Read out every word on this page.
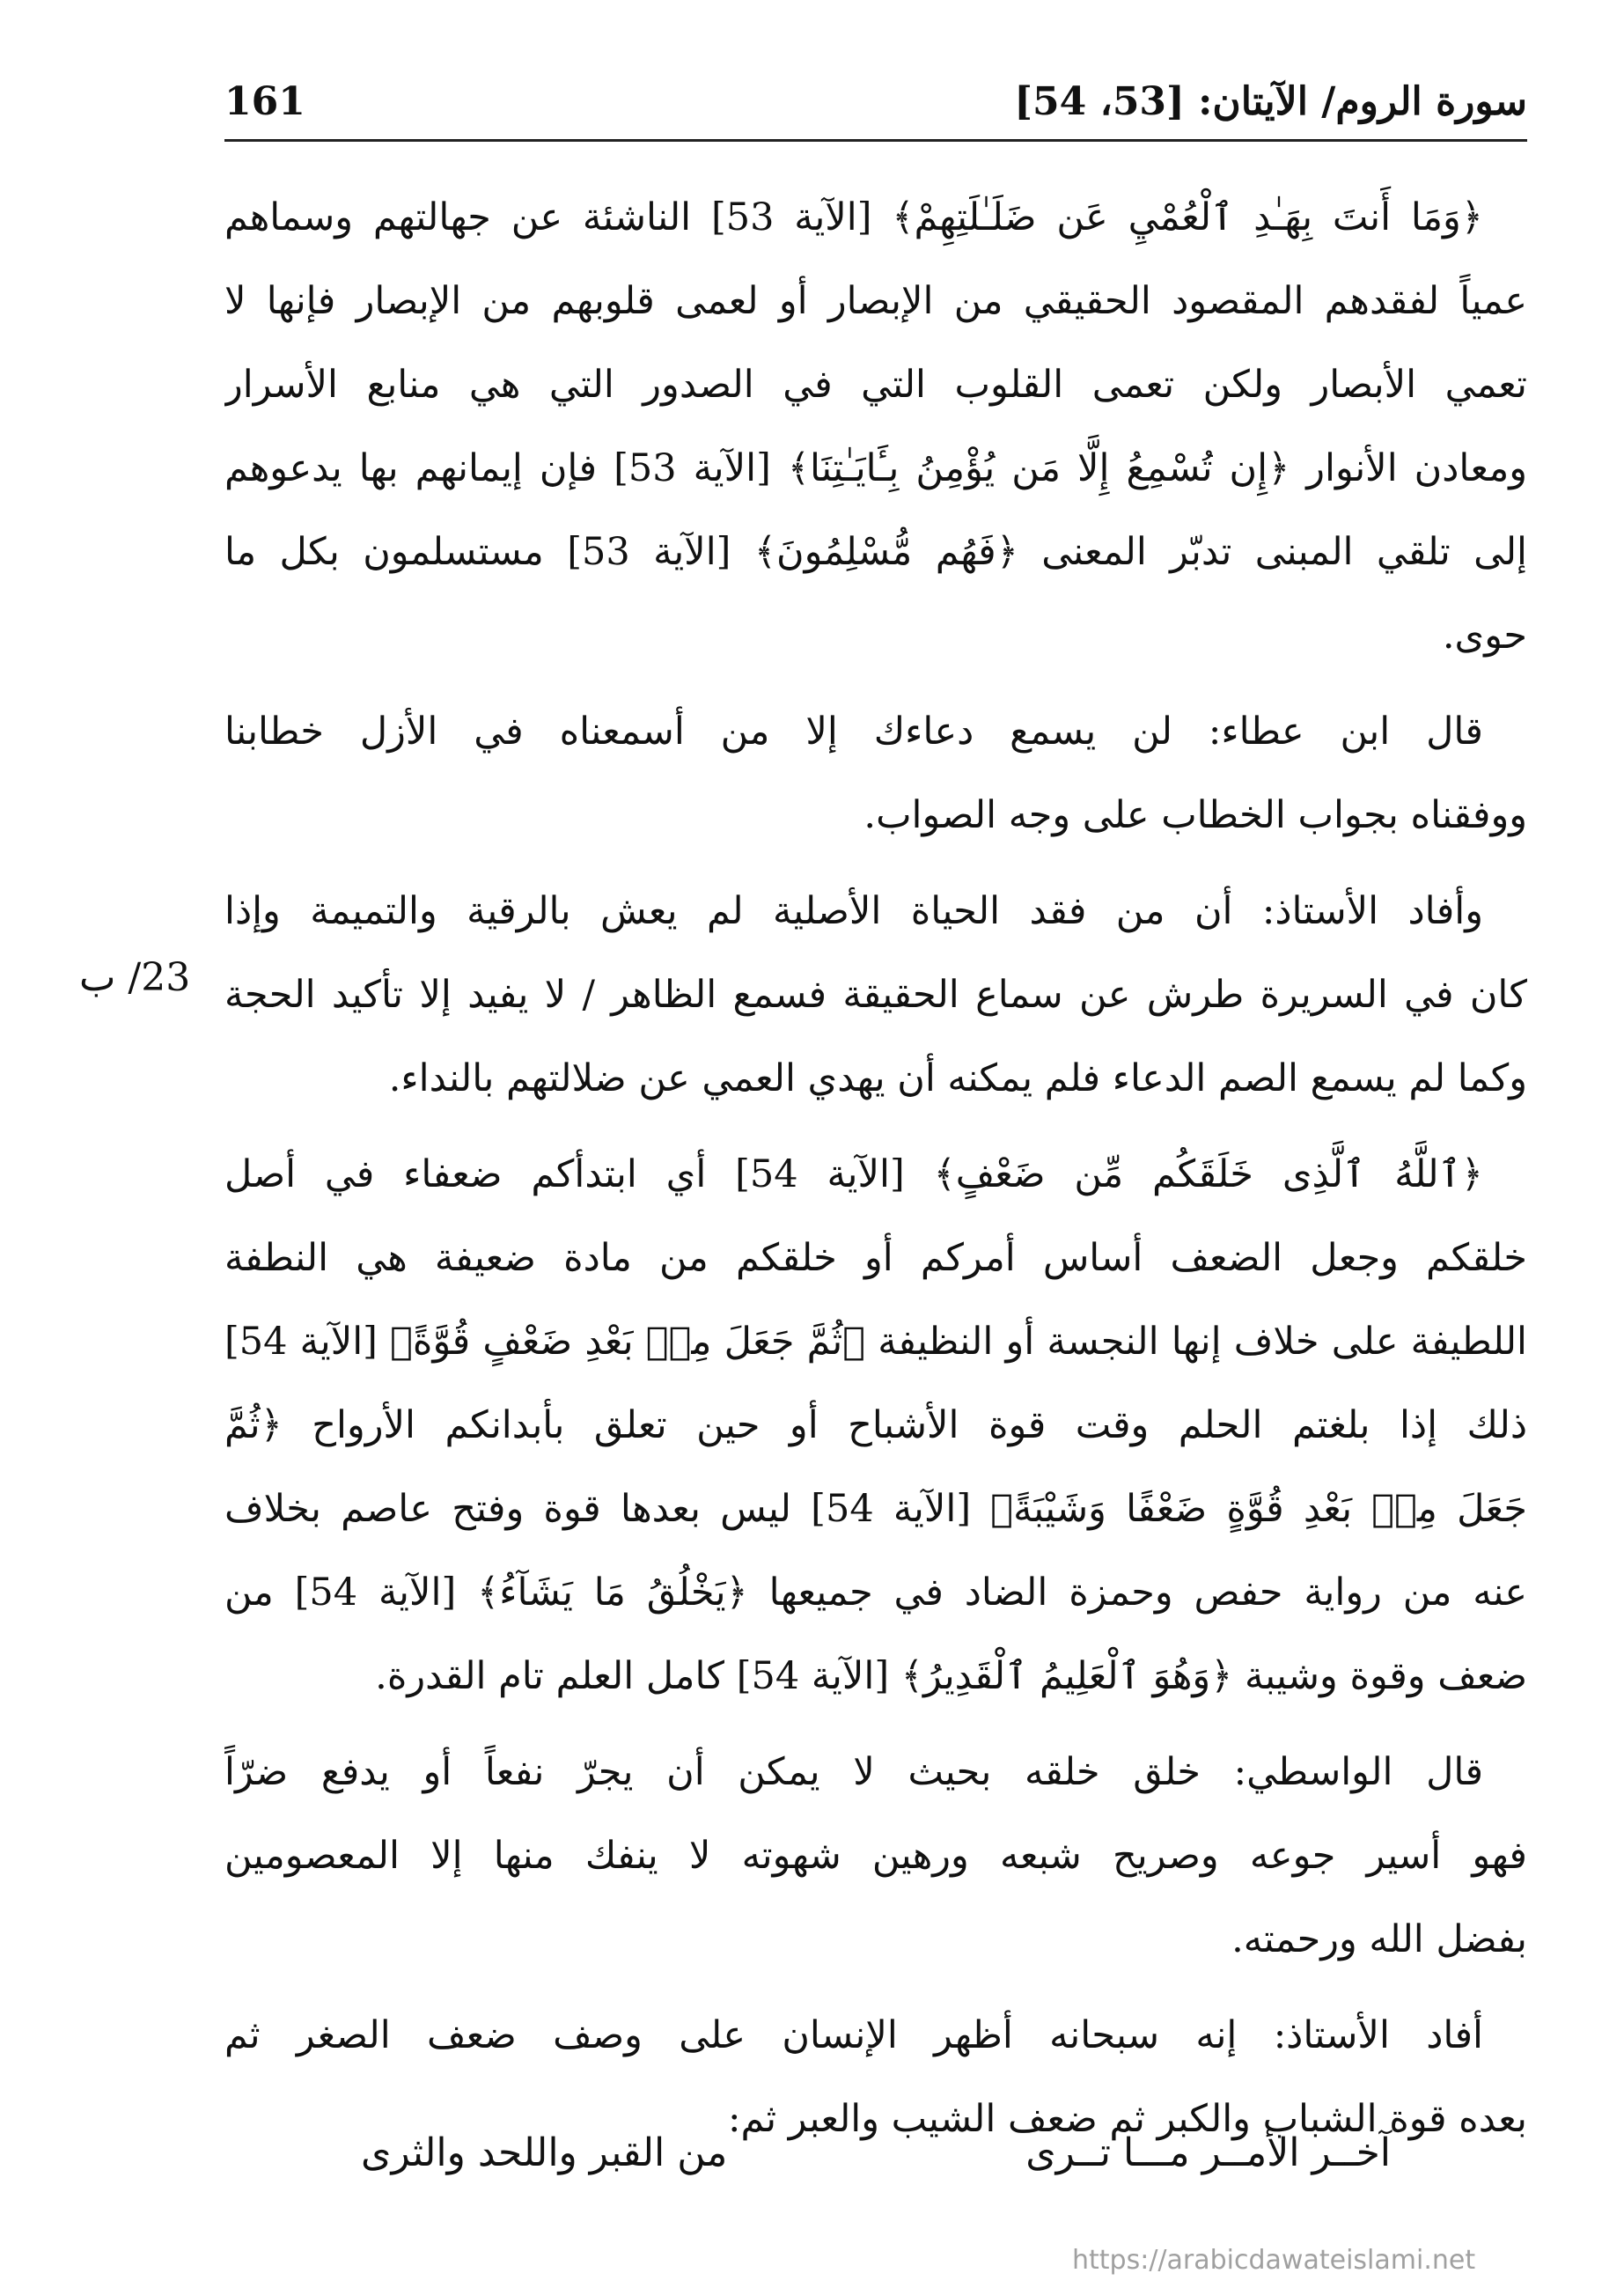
سورة الروم/ الآيتان: [53، 54]
161
23/ ب
﴿وَمَا أَنتَ بِهَـٰدِ ٱلْعُمْيِ عَن ضَلَـٰلَتِهِمْ﴾ [الآية 53] الناشئة عن جهالتهم وسماهم
عمياً لفقدهم المقصود الحقيقي من الإبصار أو لعمى قلوبهم من الإبصار فإنها لا
تعمي الأبصار ولكن تعمى القلوب التي في الصدور التي هي منابع الأسرار
ومعادن الأنوار ﴿إِن تُسْمِعُ إِلَّا مَن يُؤْمِنُ بِـَٔايَـٰتِنَا﴾ [الآية 53] فإن إيمانهم بها يدعوهم
إلى تلقي المبنى تدبّر المعنى ﴿فَهُم مُّسْلِمُونَ﴾ [الآية 53] مستسلمون بكل ما
حوى.
قال ابن عطاء: لن يسمع دعاءك إلا من أسمعناه في الأزل خطابنا
ووفقناه بجواب الخطاب على وجه الصواب.
وأفاد الأستاذ: أن من فقد الحياة الأصلية لم يعش بالرقية والتميمة وإذا
كان في السريرة طرش عن سماع الحقيقة فسمع الظاهر / لا يفيد إلا تأكيد الحجة
وكما لم يسمع الصم الدعاء فلم يمكنه أن يهدي العمي عن ضلالتهم بالنداء.
﴿ٱللَّهُ ٱلَّذِى خَلَقَكُم مِّن ضَعْفٍ﴾ [الآية 54] أي ابتدأكم ضعفاء في أصل
خلقكم وجعل الضعف أساس أمركم أو خلقكم من مادة ضعيفة هي النطفة
اللطيفة على خلاف إنها النجسة أو النظيفة ﴿ثُمَّ جَعَلَ مِنۢ بَعْدِ ضَعْفٍ قُوَّةً﴾ [الآية 54]
ذلك إذا بلغتم الحلم وقت قوة الأشباح أو حين تعلق بأبدانكم الأرواح ﴿ثُمَّ
جَعَلَ مِنۢ بَعْدِ قُوَّةٍ ضَعْفًا وَشَيْبَةً﴾ [الآية 54] ليس بعدها قوة وفتح عاصم بخلاف
عنه من رواية حفص وحمزة الضاد في جميعها ﴿يَخْلُقُ مَا يَشَآءُ﴾ [الآية 54] من
ضعف وقوة وشيبة ﴿وَهُوَ ٱلْعَلِيمُ ٱلْقَدِيرُ﴾ [الآية 54] كامل العلم تام القدرة.
قال الواسطي: خلق خلقه بحيث لا يمكن أن يجرّ نفعاً أو يدفع ضرّاً
فهو أسير جوعه وصريح شبعه ورهين شهوته لا ينفك منها إلا المعصومين
بفضل الله ورحمته.
أفاد الأستاذ: إنه سبحانه أظهر الإنسان على وصف ضعف الصغر ثم
بعده قوة الشباب والكبر ثم ضعف الشيب والعبر ثم:
آخــر الأمــر مـــا تــرى
من القبر واللحد والثرى
https://arabicdawateislami.net
